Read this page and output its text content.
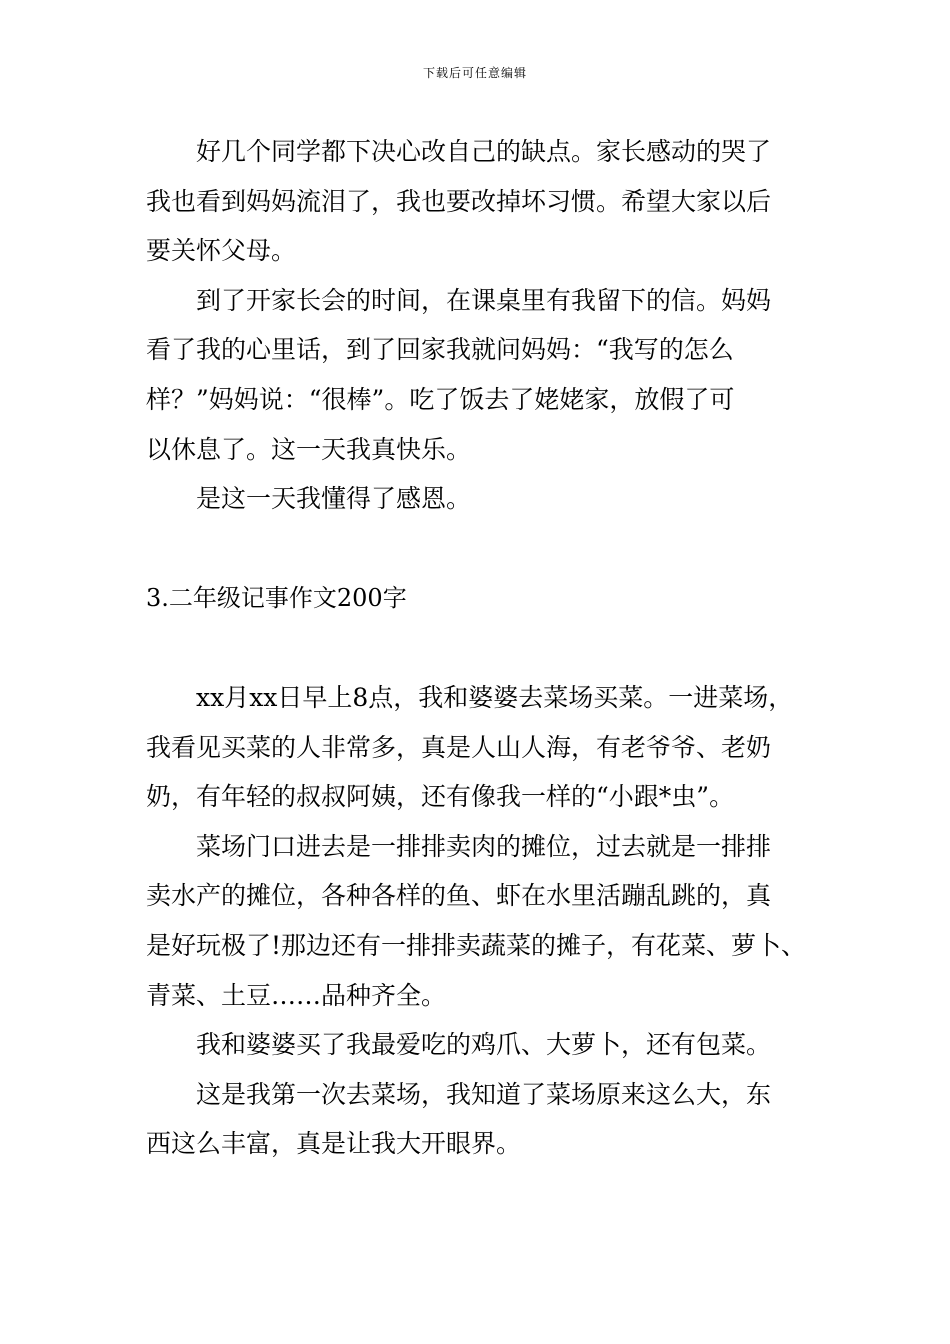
下载后可任意编辑
好几个同学都下决心改自己的缺点。家长感动的哭了
我也看到妈妈流泪了，我也要改掉坏习惯。希望大家以后
要关怀父母。
到了开家长会的时间，在课桌里有我留下的信。妈妈
看了我的心里话，到了回家我就问妈妈：“我写的怎么
样？”妈妈说：“很棒”。吃了饭去了姥姥家，放假了可
以休息了。这一天我真快乐。
是这一天我懂得了感恩。
3.二年级记事作文200字
xx月xx日早上8点，我和婆婆去菜场买菜。一进菜场，
我看见买菜的人非常多，真是人山人海，有老爷爷、老奶
奶，有年轻的叔叔阿姨，还有像我一样的“小跟*虫”。
菜场门口进去是一排排卖肉的摊位，过去就是一排排
卖水产的摊位，各种各样的鱼、虾在水里活蹦乱跳的，真
是好玩极了!那边还有一排排卖蔬菜的摊子，有花菜、萝卜、
青菜、土豆……品种齐全。
我和婆婆买了我最爱吃的鸡爪、大萝卜，还有包菜。
这是我第一次去菜场，我知道了菜场原来这么大，东
西这么丰富，真是让我大开眼界。
